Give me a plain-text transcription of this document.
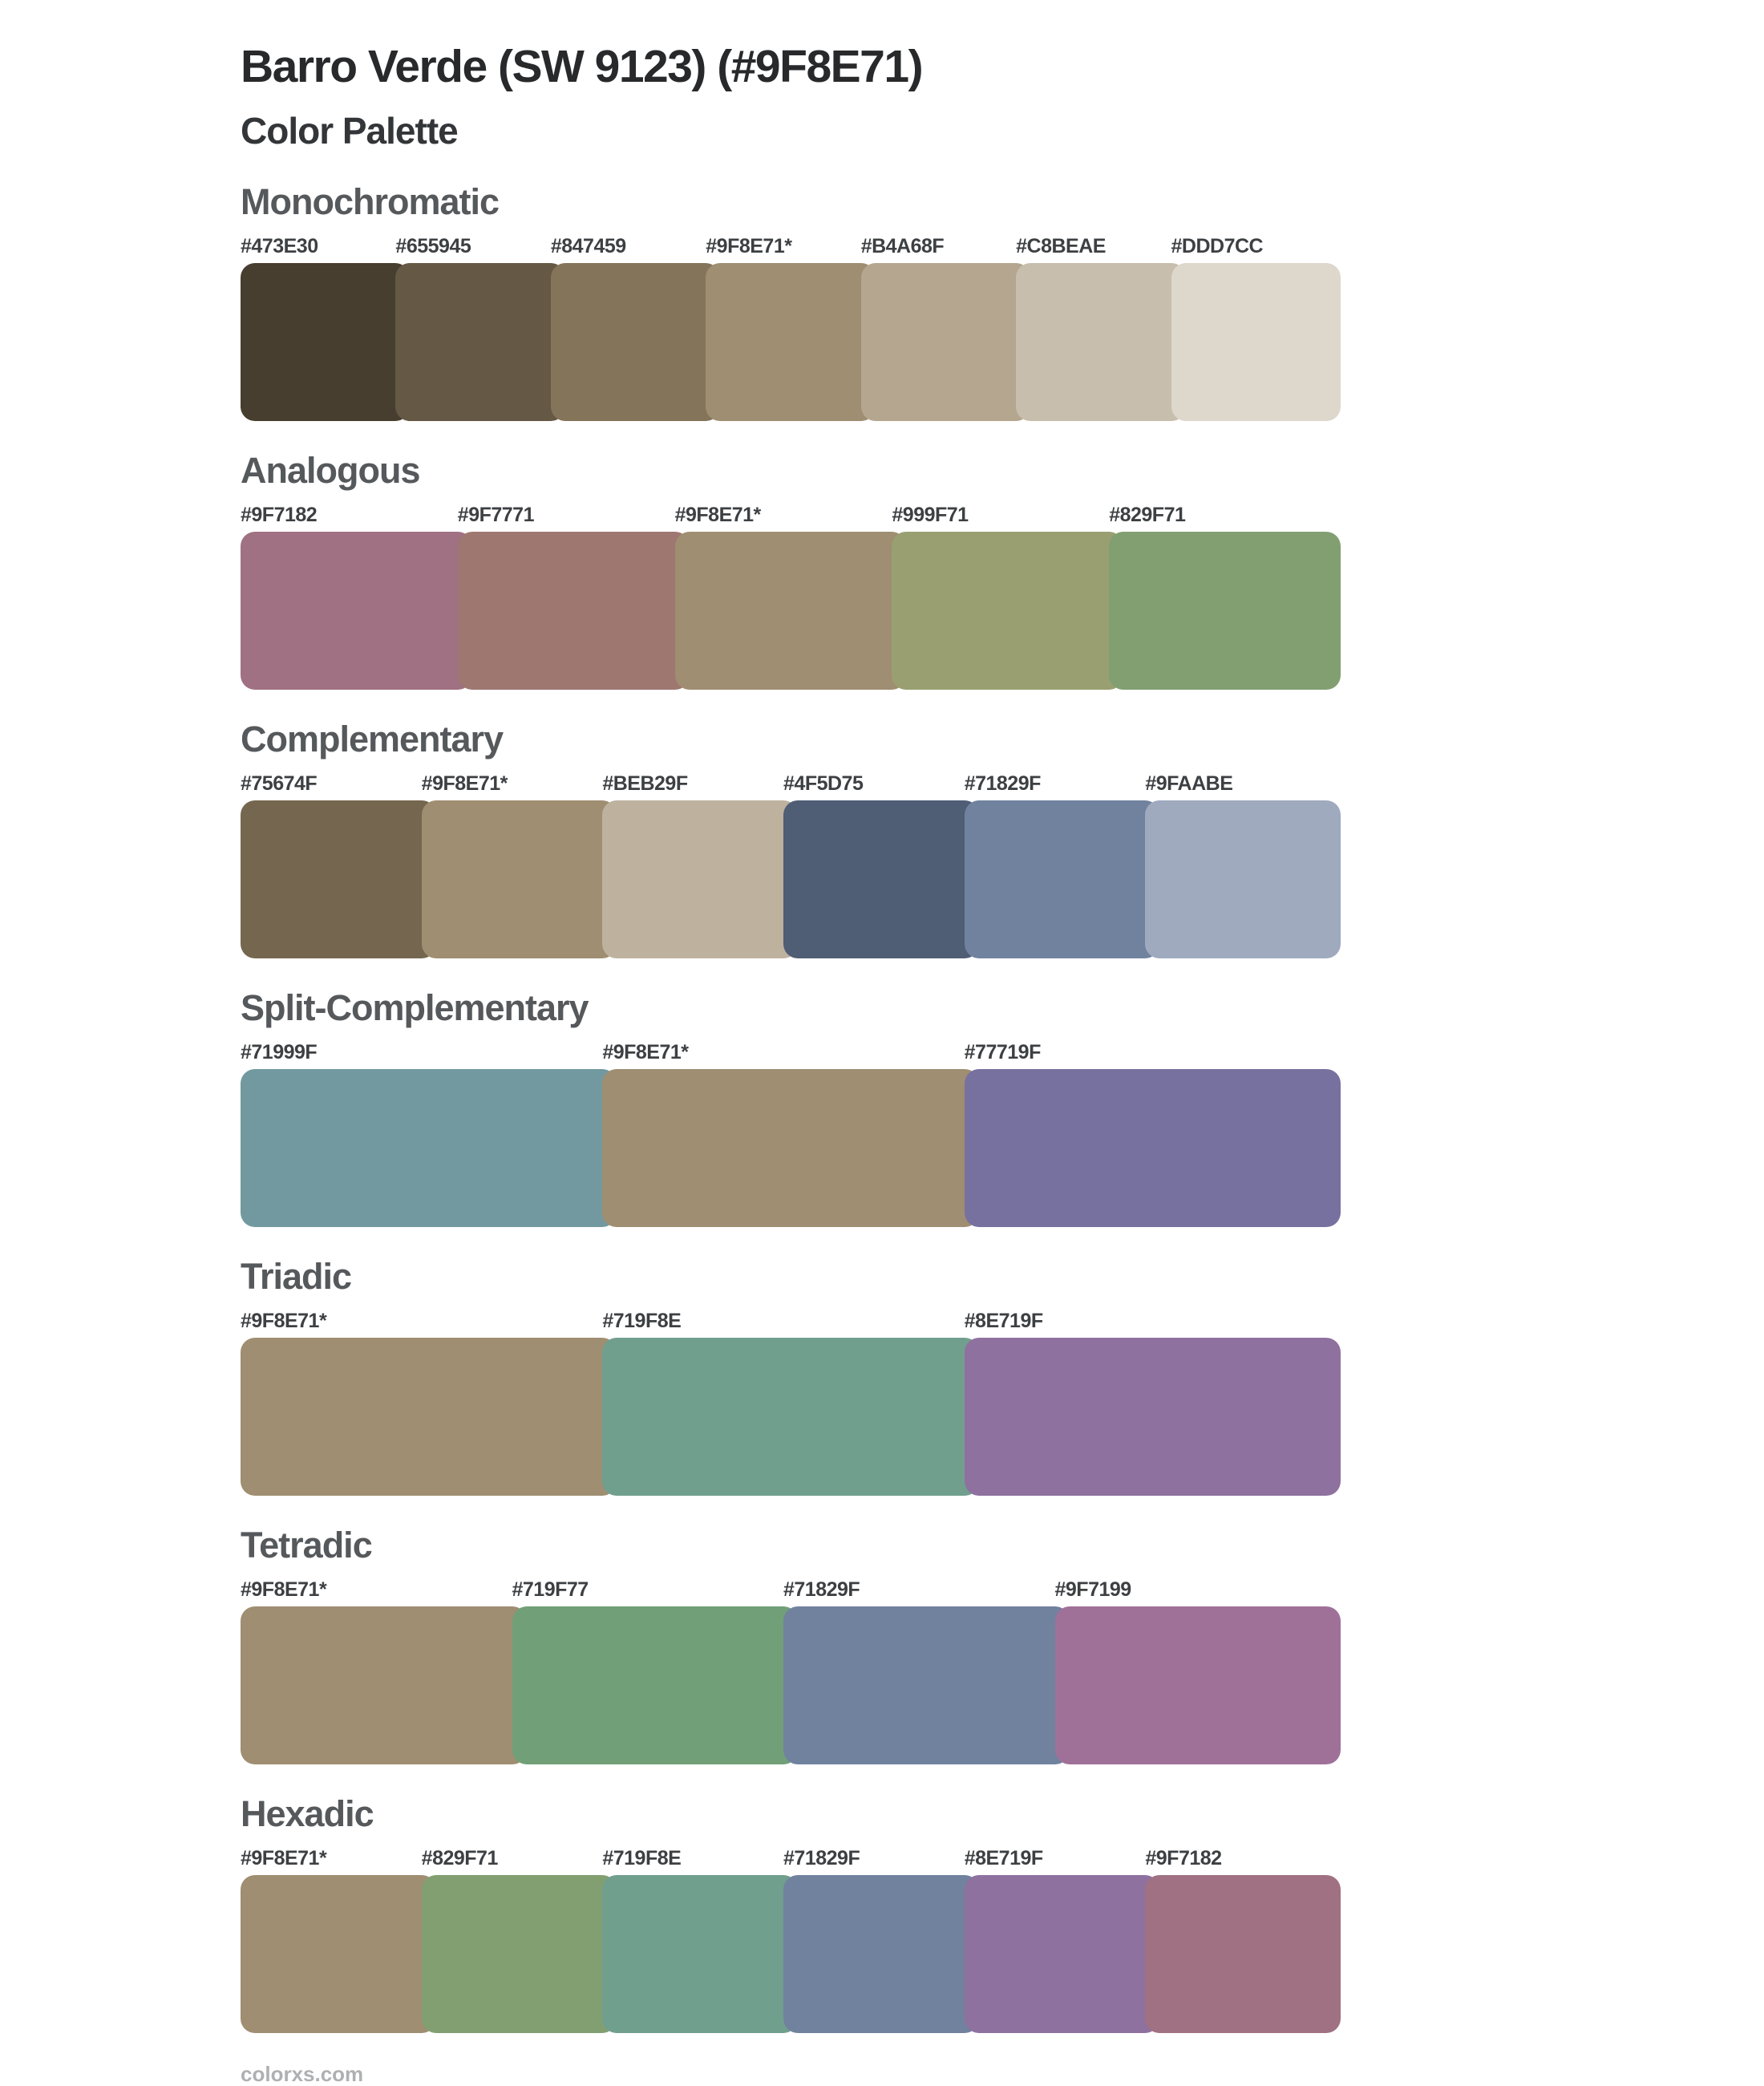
Barro Verde (SW 9123) (#9F8E71)
Color Palette
Monochromatic
#473E30	#655945	#847459	#9F8E71*	#B4A68F	#C8BEAE	#DDD7CC
Analogous
#9F7182	#9F7771	#9F8E71*	#999F71	#829F71
Complementary
#75674F	#9F8E71*	#BEB29F	#4F5D75	#71829F	#9FAABE
Split-Complementary
#71999F	#9F8E71*	#77719F
Triadic
#9F8E71*	#719F8E	#8E719F
Tetradic
#9F8E71*	#719F77	#71829F	#9F7199
Hexadic
#9F8E71*	#829F71	#719F8E	#71829F	#8E719F	#9F7182
colorxs.com
